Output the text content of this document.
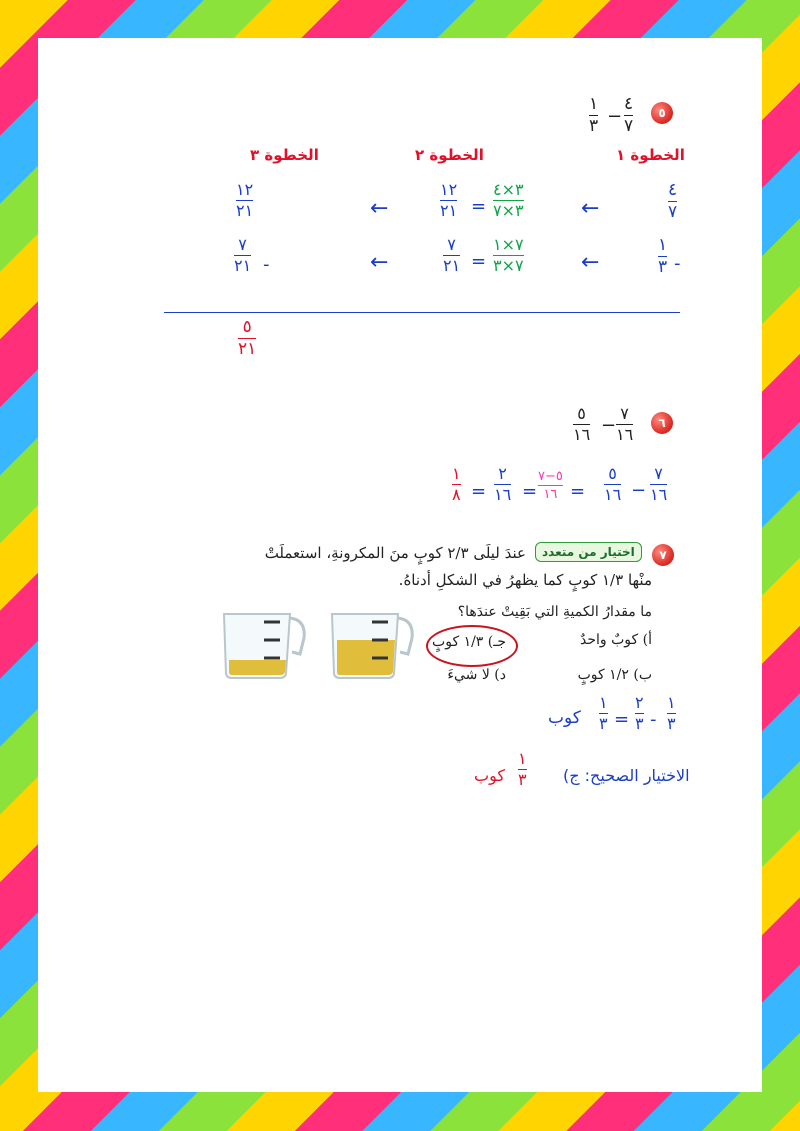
٥
٤
٧
−
١
٣
الخطوة ١
الخطوة ٢
الخطوة ٣
٤
٧
←
٣×٤
٣×٧
=
١٢
٢١
←
١٢
٢١
١
٣ -
←
٧×١
٧×٣
=
٧
٢١
←
٧
٢١ -
٥
٢١
٦
٧
١٦
−
٥
١٦
٧
١٦
−
٥
١٦
=
٥−٧
١٦
=
٢
١٦
=
١
٨
٧
اختيار من متعدد
عندَ ليلَى ٢/٣ كوبٍ منَ المكرونةِ، استعملَتْ
منْها ١/٣ كوبٍ كما يظهرُ في الشكلِ أدناهُ.
ما مقدارُ الكميةِ التي بَقِيتْ عندَها؟
أ) كوبٌ واحدٌ
ب) ١/٢ كوبٍ
جـ) ١/٣ كوبٍ
د) لا شيءَ
١
٣
-
٢
٣
=
١
٣
كوب
الاختيار الصحيح: ج)
١
٣
كوب
